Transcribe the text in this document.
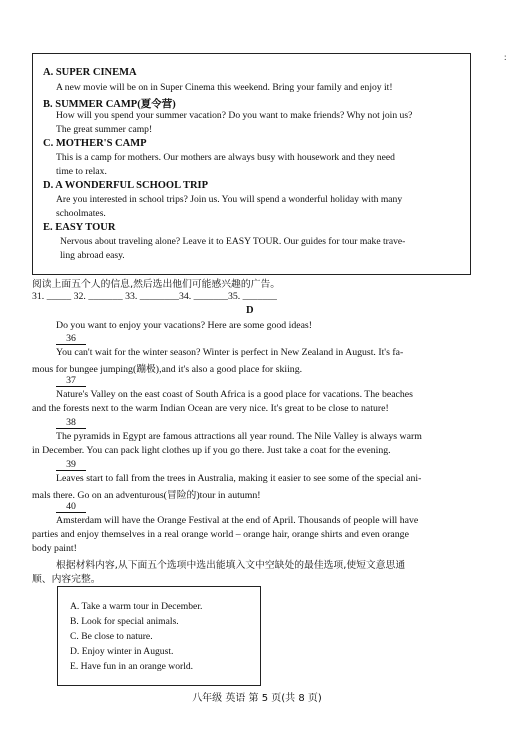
:
A. SUPER CINEMA
A new movie will be on in Super Cinema this weekend. Bring your family and enjoy it!
B. SUMMER CAMP(夏令营)
How will you spend your summer vacation? Do you want to make friends? Why not join us?
The great summer camp!
C. MOTHER'S CAMP
This is a camp for mothers. Our mothers are always busy with housework and they need
time to relax.
D. A WONDERFUL SCHOOL TRIP
Are you interested in school trips? Join us. You will spend a wonderful holiday with many
schoolmates.
E. EASY TOUR
Nervous about traveling alone? Leave it to EASY TOUR. Our guides for tour make trave-
ling abroad easy.
阅读上面五个人的信息,然后选出他们可能感兴趣的广告。
31. _____ 32. _______ 33. ________34. _______35. _______
D
Do you want to enjoy your vacations? Here are some good ideas!
36
You can't wait for the winter season? Winter is perfect in New Zealand in August. It's fa-
mous for bungee jumping(蹦极),and it's also a good place for skiing.
37
Nature's Valley on the east coast of South Africa is a good place for vacations. The beaches
and the forests next to the warm Indian Ocean are very nice. It's great to be close to nature!
38
The pyramids in Egypt are famous attractions all year round. The Nile Valley is always warm
in December. You can pack light clothes up if you go there. Just take a coat for the evening.
39
Leaves start to fall from the trees in Australia, making it easier to see some of the special ani-
mals there. Go on an adventurous(冒险的)tour in autumn!
40
Amsterdam will have the Orange Festival at the end of April. Thousands of people will have
parties and enjoy themselves in a real orange world – orange hair, orange shirts and even orange
body paint!
根据材料内容,从下面五个选项中选出能填入文中空缺处的最佳选项,使短文意思通
顺、内容完整。
A. Take a warm tour in December.
B. Look for special animals.
C. Be close to nature.
D. Enjoy winter in August.
E. Have fun in an orange world.
八年级 英语 第 5 页(共 8 页)
